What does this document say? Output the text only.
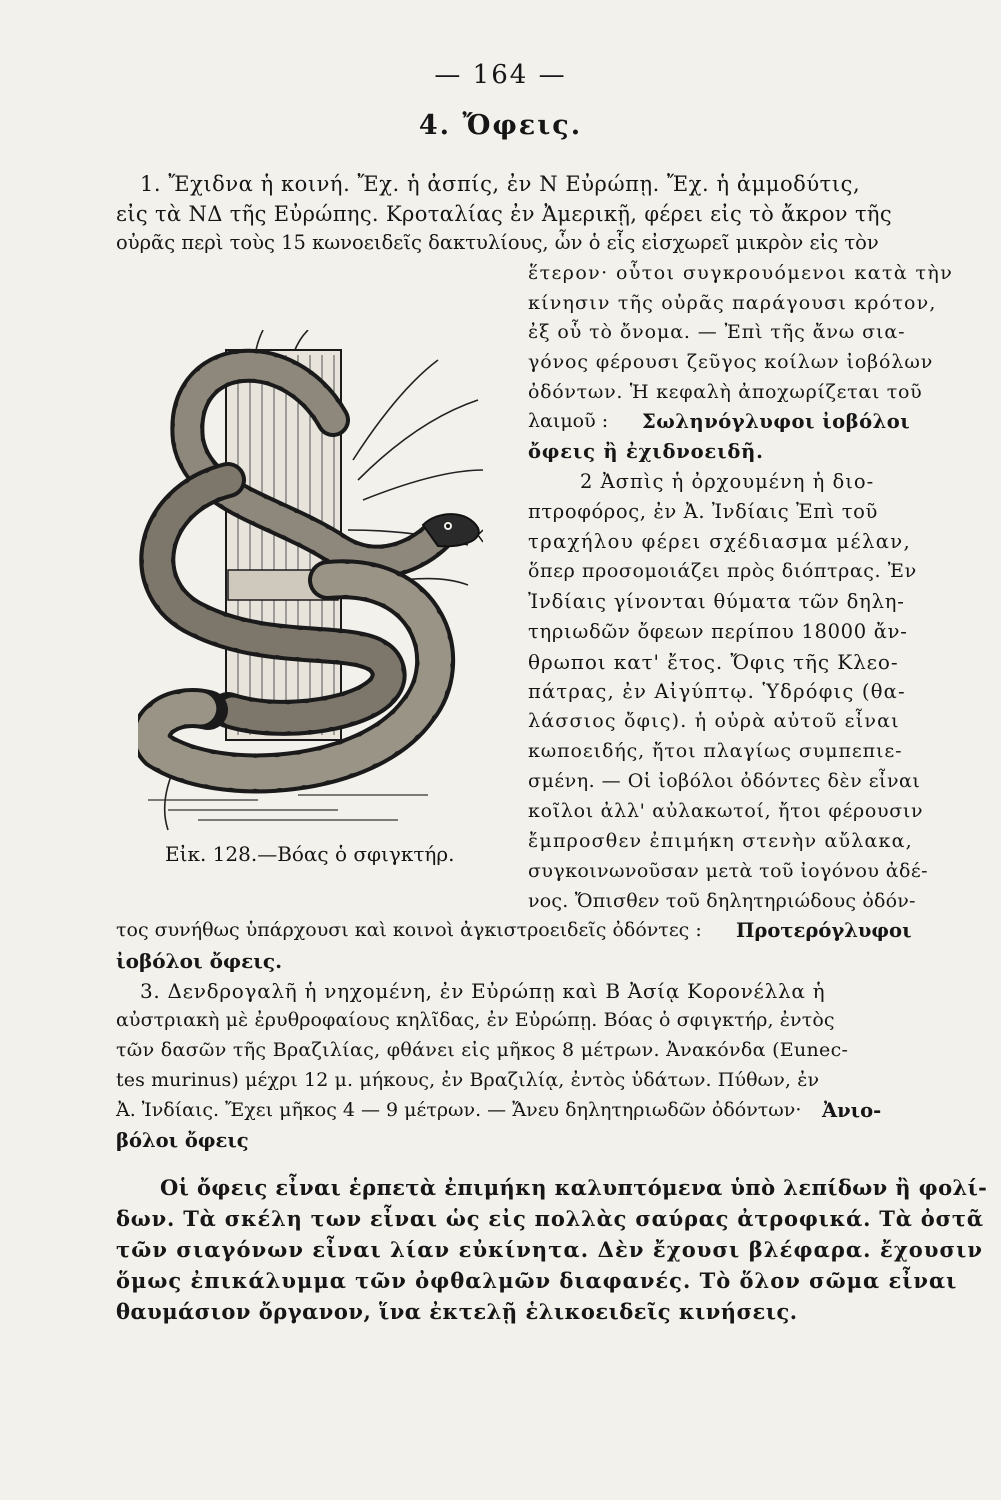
— 164 —
4. Ὄφεις.
1. Ἔχιδνα ἡ κοινή. Ἔχ. ἡ ἀσπίς, ἐν Ν Εὐρώπῃ. Ἔχ. ἡ ἀμμοδύτις,
εἰς τὰ ΝΔ τῆς Εὐρώπης. Κροταλίας ἐν Ἀμερικῇ, φέρει εἰς τὸ ἄκρον τῆς
οὐρᾶς περὶ τοὺς 15 κωνοειδεῖς δακτυλίους, ὧν ὁ εἷς εἰσχωρεῖ μικρὸν εἰς τὸν
ἕτερον· οὗτοι συγκρουόμενοι κατὰ τὴν
κίνησιν τῆς οὐρᾶς παράγουσι κρότον,
ἐξ οὗ τὸ ὄνομα. — Ἐπὶ τῆς ἄνω σια-
γόνος φέρουσι ζεῦγος κοίλων ἰοβόλων
ὀδόντων. Ἡ κεφαλὴ ἀποχωρίζεται τοῦ
λαιμοῦ : Σωληνόγλυφοι ἰοβόλοι
ὄφεις ἢ ἐχιδνοειδῆ.
2 Ἀσπὶς ἡ ὀρχουμένη ἡ διο-
πτροφόρος, ἐν Ἀ. Ἰνδίαις Ἐπὶ τοῦ
τραχήλου φέρει σχέδιασμα μέλαν,
ὅπερ προσομοιάζει πρὸς διόπτρας. Ἐν
Ἰνδίαις γίνονται θύματα τῶν δηλη-
τηριωδῶν ὄφεων περίπου 18000 ἄν-
θρωποι κατ' ἔτος. Ὄφις τῆς Κλεο-
πάτρας, ἐν Αἰγύπτῳ. Ὑδρόφις (θα-
λάσσιος ὄφις). ἡ οὐρὰ αὐτοῦ εἶναι
κωποειδής, ἤτοι πλαγίως συμπεπιε-
σμένη. — Οἱ ἰοβόλοι ὀδόντες δὲν εἶναι
κοῖλοι ἀλλ' αὐλακωτοί, ἤτοι φέρουσιν
ἔμπροσθεν ἐπιμήκη στενὴν αὔλακα,
συγκοινωνοῦσαν μετὰ τοῦ ἰογόνου ἀδέ-
νος. Ὄπισθεν τοῦ δηλητηριώδους ὀδόν-
τος συνήθως ὑπάρχουσι καὶ κοινοὶ ἀγκιστροειδεῖς ὀδόντες : Προτερόγλυφοι
ἰοβόλοι ὄφεις.
3. Δενδρογαλῆ ἡ νηχομένη, ἐν Εὐρώπῃ καὶ Β Ἀσίᾳ Κορονέλλα ἡ
αὐστριακὴ μὲ ἐρυθροφαίους κηλῖδας, ἐν Εὐρώπῃ. Βόας ὁ σφιγκτήρ, ἐντὸς
τῶν δασῶν τῆς Βραζιλίας, φθάνει εἰς μῆκος 8 μέτρων. Ἀνακόνδα (Eunec-
tes murinus) μέχρι 12 μ. μήκους, ἐν Βραζιλίᾳ, ἐντὸς ὑδάτων. Πύθων, ἐν
Ἀ. Ἰνδίαις. Ἔχει μῆκος 4 — 9 μέτρων. — Ἄνευ δηλητηριωδῶν ὀδόντων· Ἀνιο-
βόλοι ὄφεις
Οἱ ὄφεις εἶναι ἑρπετὰ ἐπιμήκη καλυπτόμενα ὑπὸ λεπίδων ἢ φολί-
δων. Τὰ σκέλη των εἶναι ὡς εἰς πολλὰς σαύρας ἀτροφικά. Τὰ ὀστᾶ
τῶν σιαγόνων εἶναι λίαν εὐκίνητα. Δὲν ἔχουσι βλέφαρα. ἔχουσιν
ὅμως ἐπικάλυμμα τῶν ὀφθαλμῶν διαφανές. Τὸ ὅλον σῶμα εἶναι
θαυμάσιον ὄργανον, ἵνα ἐκτελῇ ἑλικοειδεῖς κινήσεις.
Εἰκ. 128.—Βόας ὁ σφιγκτήρ.
